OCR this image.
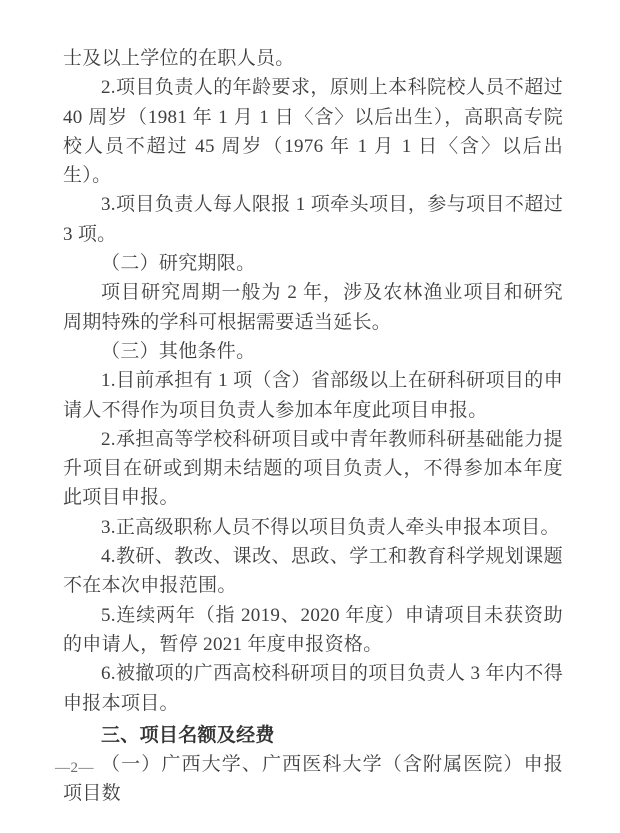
士及以上学位的在职人员。

2.项目负责人的年龄要求，原则上本科院校人员不超过 40 周岁（1981 年 1 月 1 日〈含〉以后出生），高职高专院校人员不超过 45 周岁（1976 年 1 月 1 日〈含〉以后出生）。

3.项目负责人每人限报 1 项牵头项目，参与项目不超过 3 项。

（二）研究期限。

项目研究周期一般为 2 年，涉及农林渔业项目和研究周期特殊的学科可根据需要适当延长。

（三）其他条件。

1.目前承担有 1 项（含）省部级以上在研科研项目的申请人不得作为项目负责人参加本年度此项目申报。

2.承担高等学校科研项目或中青年教师科研基础能力提升项目在研或到期未结题的项目负责人，不得参加本年度此项目申报。

3.正高级职称人员不得以项目负责人牵头申报本项目。

4.教研、教改、课改、思政、学工和教育科学规划课题不在本次申报范围。

5.连续两年（指 2019、2020 年度）申请项目未获资助的申请人，暂停 2021 年度申报资格。

6.被撤项的广西高校科研项目的项目负责人 3 年内不得申报本项目。

三、项目名额及经费

（一）广西大学、广西医科大学（含附属医院）申报项目数

—2—
